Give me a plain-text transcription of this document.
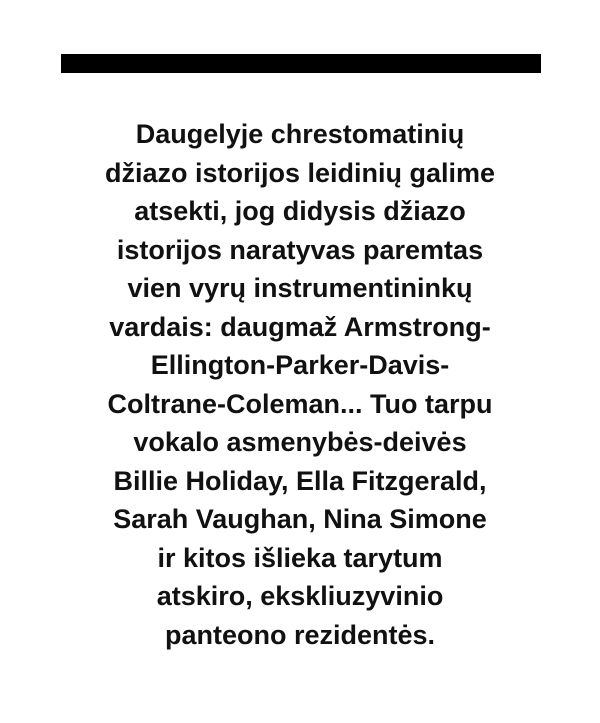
Daugelyje chrestomatinių
džiazo istorijos leidinių galime
atsekti, jog didysis džiazo
istorijos naratyvas paremtas
vien vyrų instrumentininkų
vardais: daugmaž Armstrong-
Ellington-Parker-Davis-
Coltrane-Coleman... Tuo tarpu
vokalo asmenybės-deivės
Billie Holiday, Ella Fitzgerald,
Sarah Vaughan, Nina Simone
ir kitos išlieka tarytum
atskiro, ekskliuzyvinio
panteono rezidentės.
